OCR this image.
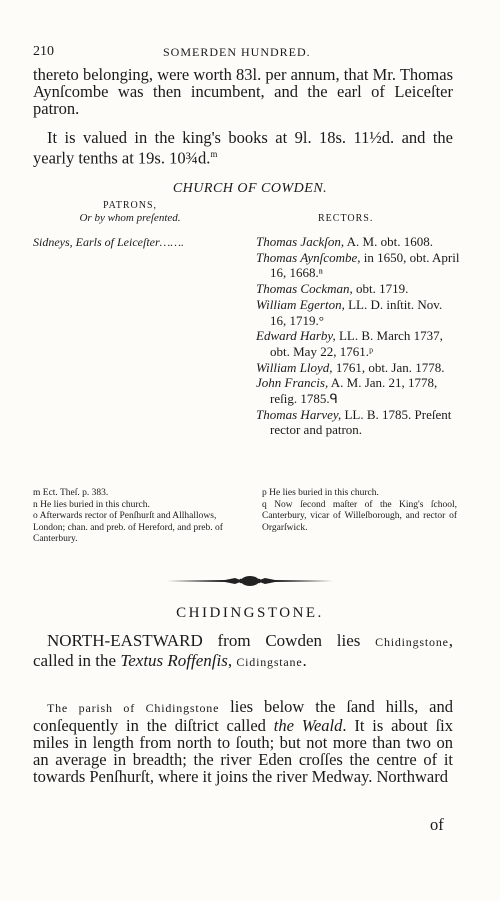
210	SOMERDEN HUNDRED.
thereto belonging, were worth 83l. per annum, that Mr. Thomas Aynſcombe was then incumbent, and the earl of Leiceſter patron.
It is valued in the king's books at 9l. 18s. 11½d. and the yearly tenths at 19s. 10¾d.$^m$
CHURCH OF COWDEN.
PATRONS,
Or by whom preſented.	RECTORS.
Sidneys, Earls of Leiceſter…….	Thomas Jackſon, A. M. obt. 1608.

Thomas Aynſcombe, in 1650, obt. April 16, 1668.ⁿ

Thomas Cockman, obt. 1719.

William Egerton, LL. D. inſtit. Nov. 16, 1719.°

Edward Harby, LL. B. March 1737, obt. May 22, 1761.ᵖ

William Lloyd, 1761, obt. Jan. 1778.

John Francis, A. M. Jan. 21, 1778, reſig. 1785.ᑫ

Thomas Harvey, LL. B. 1785. Preſent rector and patron.

m Ect. Theſ. p. 383.

n He lies buried in this church.

o Afterwards rector of Penſhurſt and Allhallows, London; chan. and preb. of Hereford, and preb. of Canterbury.

p He lies buried in this church.

q Now ſecond maſter of the King's ſchool, Canterbury, vicar of Willeſborough, and rector of Orgarſwick.

CHIDINGSTONE.
NORTH-EASTWARD from Cowden lies Chidingstone, called in the Textus Roffenſis, Cidingstane.
The parish of Chidingstone lies below the ſand hills, and conſequently in the diſtrict called the Weald. It is about ſix miles in length from north to ſouth; but not more than two on an average in breadth; the river Eden croſſes the centre of it towards Penſhurſt, where it joins the river Medway. Northward
of
